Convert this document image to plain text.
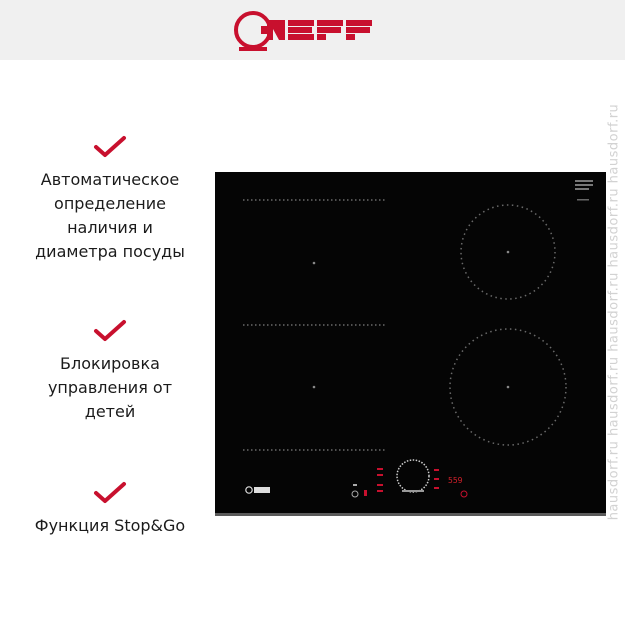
Автоматическое
определение
наличия и
диаметра посуды
Блокировка
управления от
детей
Функция Stop&Go
559	hausdorf.ru hausdorf.ru hausdorf.ru hausdorf.ru hausdorf.ru
